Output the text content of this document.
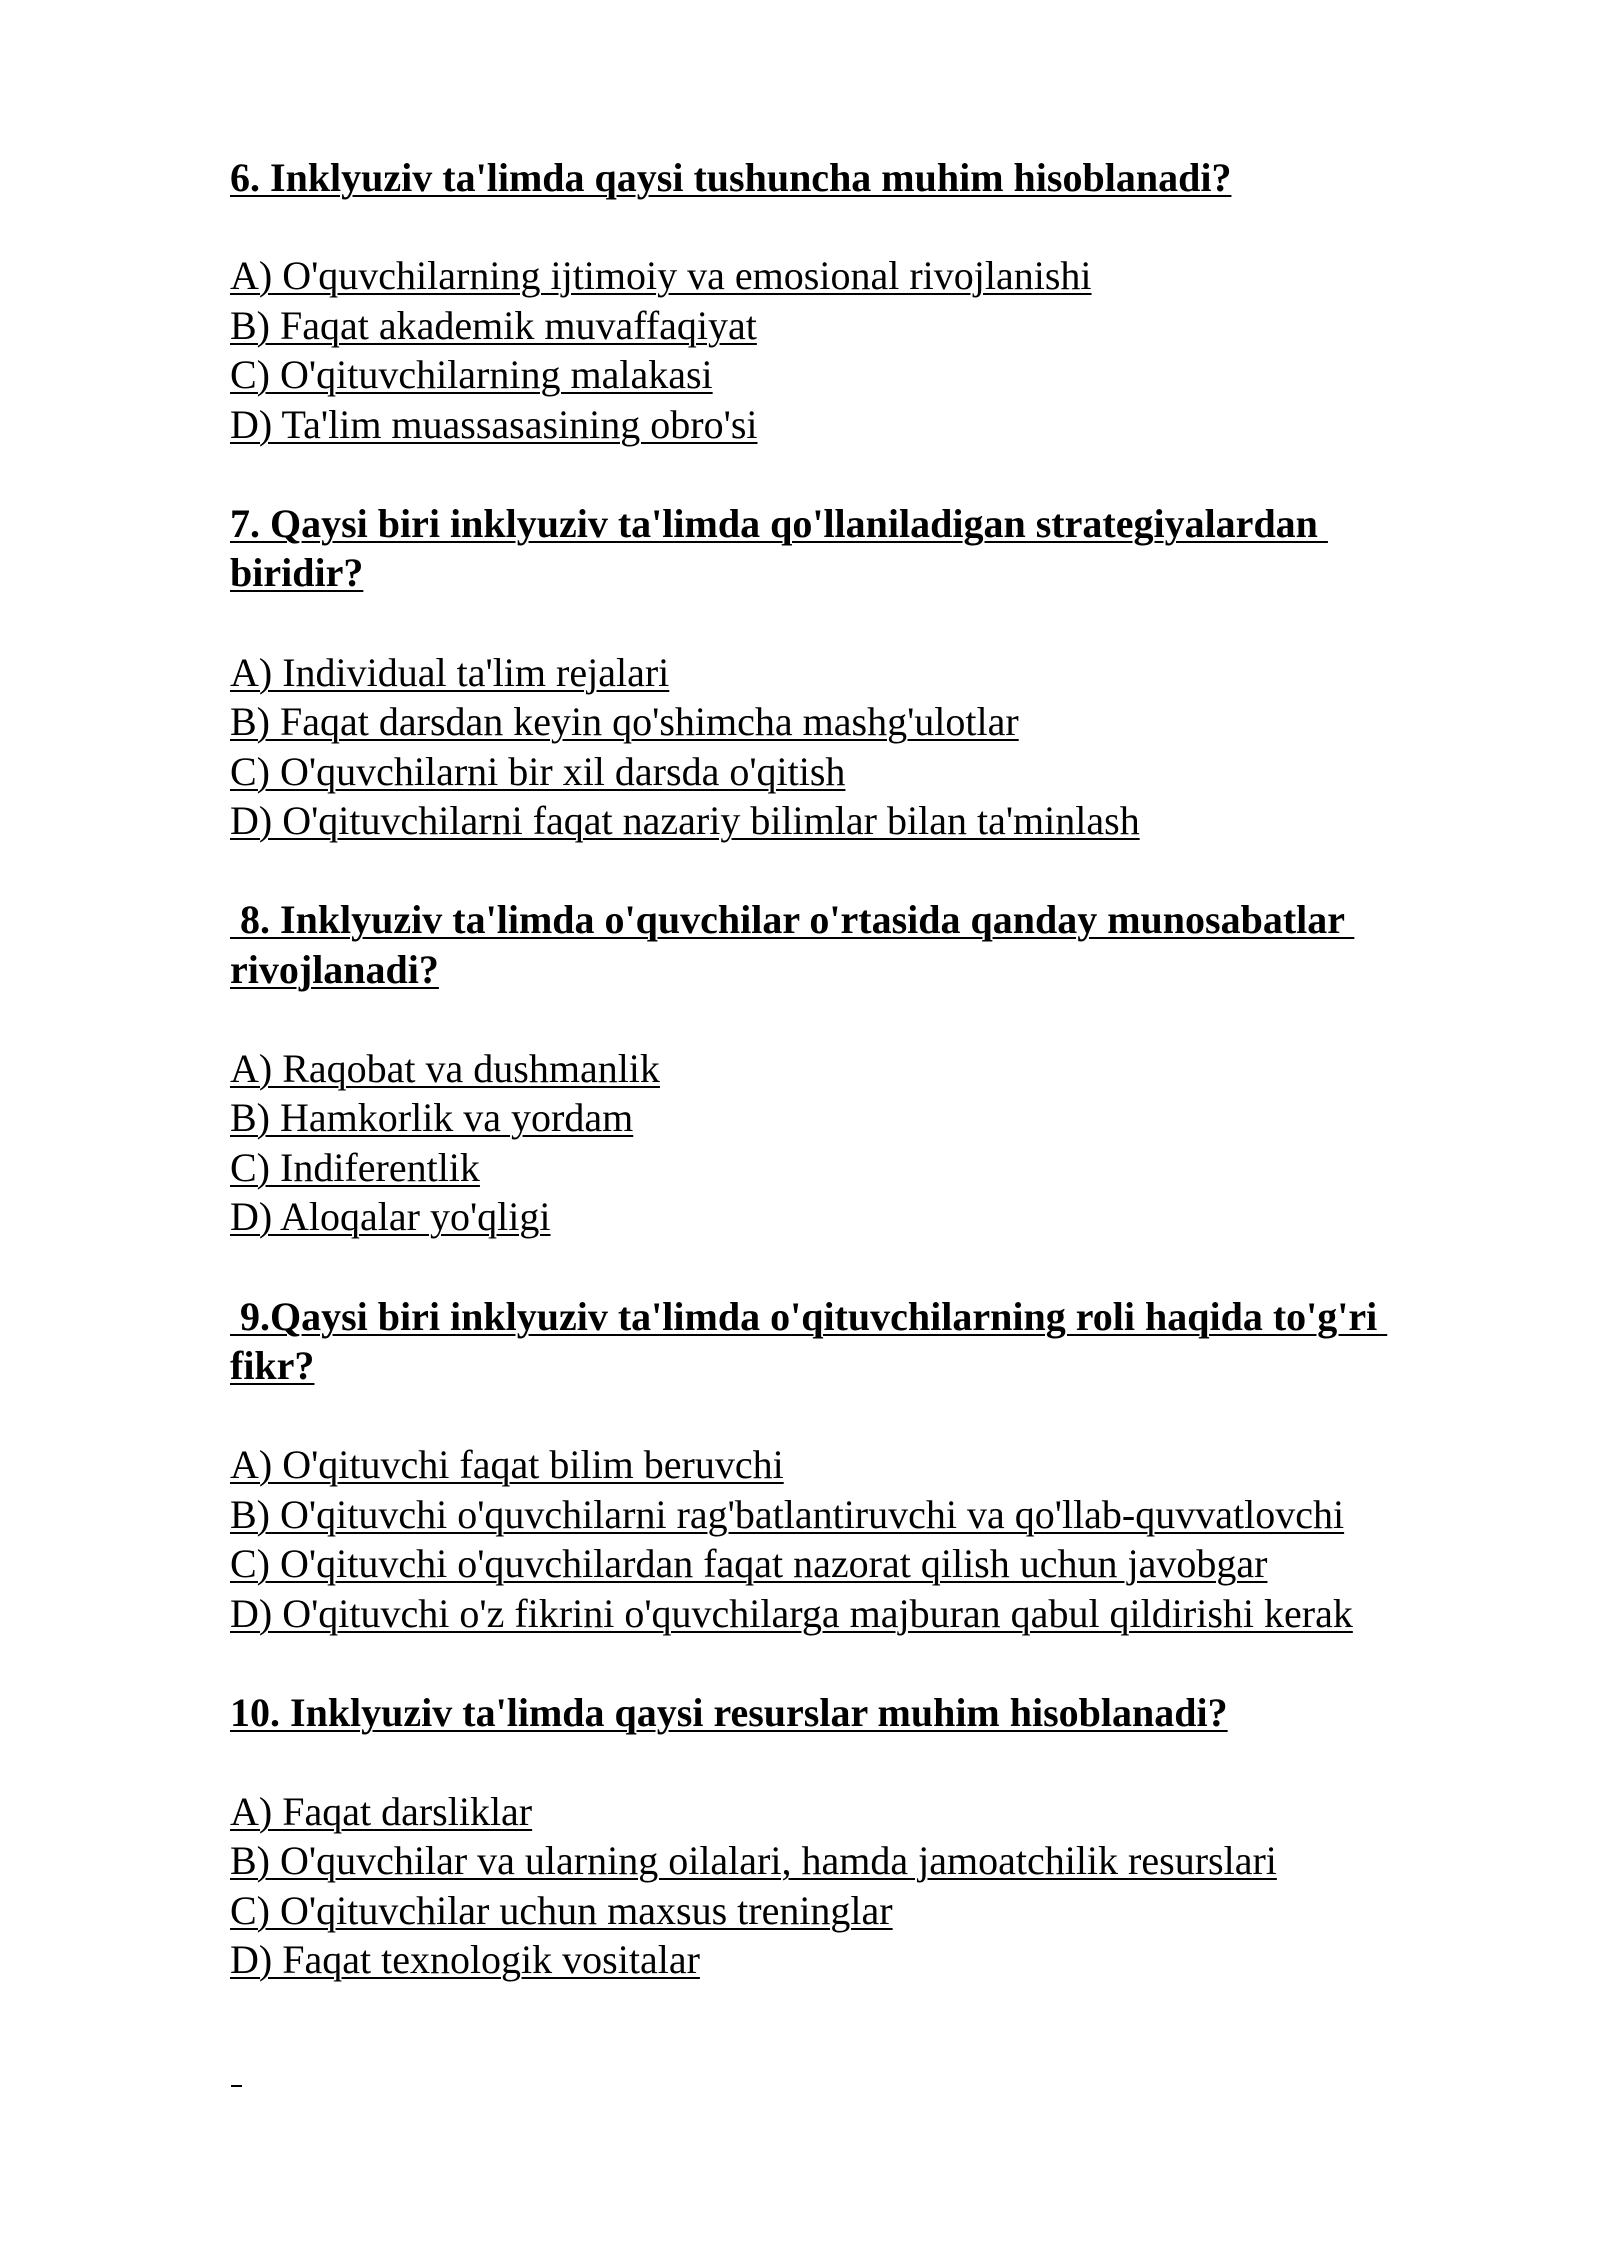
6. Inklyuziv ta'limda qaysi tushuncha muhim hisoblanadi?

A) O'quvchilarning ijtimoiy va emosional rivojlanishi

B) Faqat akademik muvaffaqiyat

C) O'qituvchilarning malakasi

D) Ta'lim muassasasining obro'si

7. Qaysi biri inklyuziv ta'limda qo'llaniladigan strategiyalardan

biridir?

A) Individual ta'lim rejalari

B) Faqat darsdan keyin qo'shimcha mashg'ulotlar

C) O'quvchilarni bir xil darsda o'qitish

D) O'qituvchilarni faqat nazariy bilimlar bilan ta'minlash

8. Inklyuziv ta'limda o'quvchilar o'rtasida qanday munosabatlar

rivojlanadi?

A) Raqobat va dushmanlik

B) Hamkorlik va yordam

C) Indiferentlik

D) Aloqalar yo'qligi

9.Qaysi biri inklyuziv ta'limda o'qituvchilarning roli haqida to'g'ri

fikr?

A) O'qituvchi faqat bilim beruvchi

B) O'qituvchi o'quvchilarni rag'batlantiruvchi va qo'llab-quvvatlovchi

C) O'qituvchi o'quvchilardan faqat nazorat qilish uchun javobgar

D) O'qituvchi o'z fikrini o'quvchilarga majburan qabul qildirishi kerak

10. Inklyuziv ta'limda qaysi resurslar muhim hisoblanadi?

A) Faqat darsliklar

B) O'quvchilar va ularning oilalari, hamda jamoatchilik resurslari

C) O'qituvchilar uchun maxsus treninglar

D) Faqat texnologik vositalar
